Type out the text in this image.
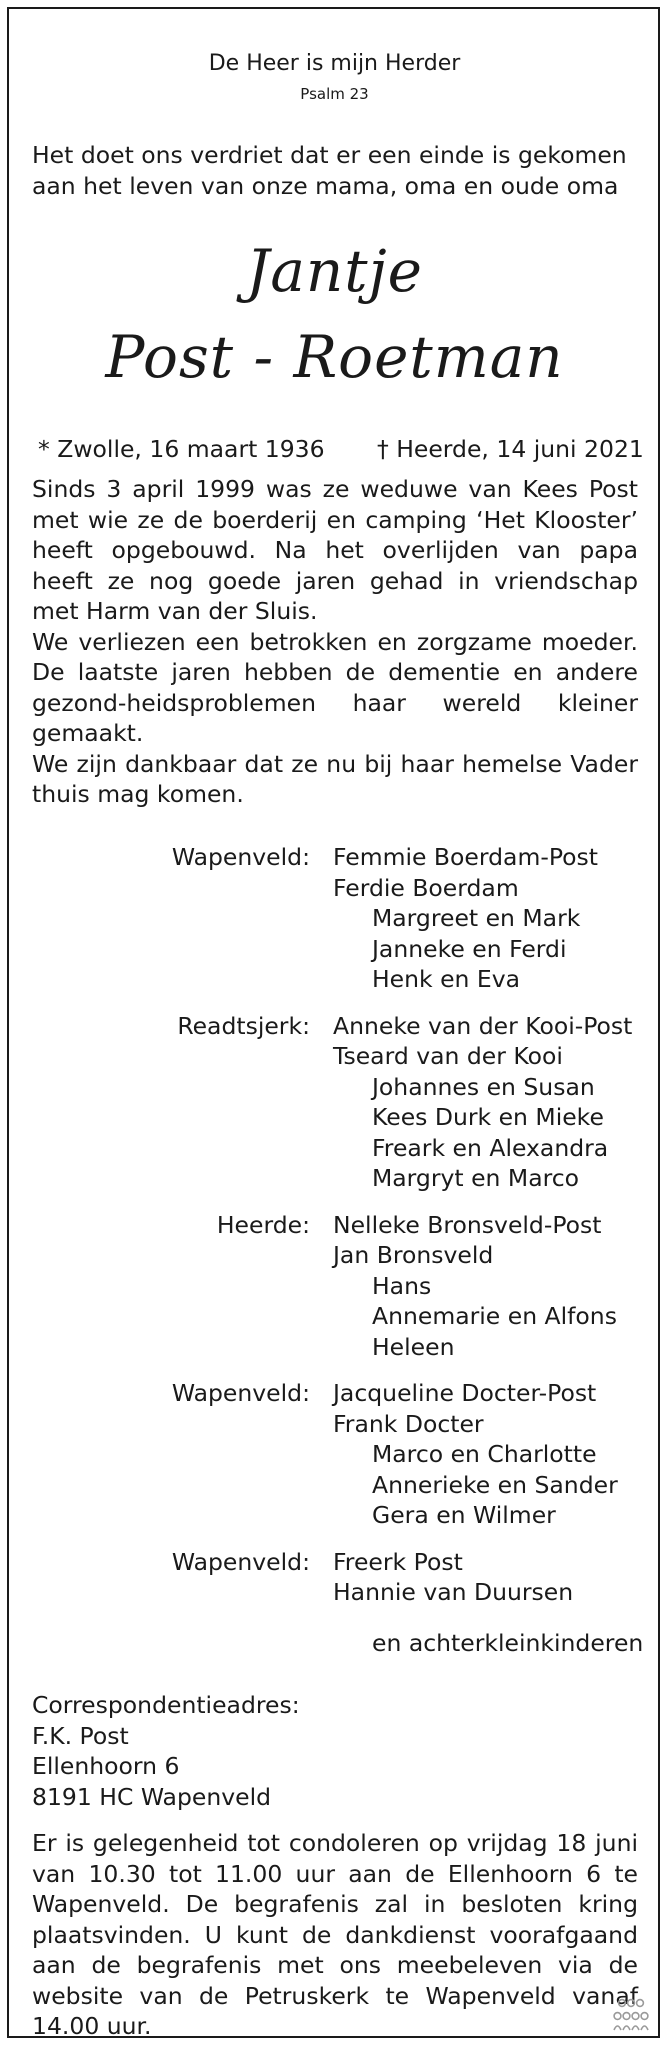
De Heer is mijn Herder
Psalm 23
Het doet ons verdriet dat er een einde is gekomen aan het leven van onze mama, oma en oude oma
Jantje
Post - Roetman
* Zwolle, 16 maart 1936 † Heerde, 14 juni 2021

Sinds 3 april 1999 was ze weduwe van Kees Post met wie ze de boerderij en camping ‘Het Klooster’ heeft opgebouwd. Na het overlijden van papa heeft ze nog goede jaren gehad in vriendschap met Harm van der Sluis.

We verliezen een betrokken en zorgzame moeder. De laatste jaren hebben de dementie en andere gezond-heidsproblemen haar wereld kleiner gemaakt.

We zijn dankbaar dat ze nu bij haar hemelse Vader thuis mag komen.

Wapenveld: Femmie Boerdam-Post
Ferdie Boerdam
Margreet en Mark
Janneke en Ferdi
Henk en Eva
Readtsjerk: Anneke van der Kooi-Post
Tseard van der Kooi
Johannes en Susan
Kees Durk en Mieke
Freark en Alexandra
Margryt en Marco
Heerde: Nelleke Bronsveld-Post
Jan Bronsveld
Hans
Annemarie en Alfons
Heleen
Wapenveld: Jacqueline Docter-Post
Frank Docter
Marco en Charlotte
Annerieke en Sander
Gera en Wilmer
Wapenveld: Freerk Post
Hannie van Duursen
en achterkleinkinderen
Correspondentieadres:
F.K. Post
Ellenhoorn 6
8191 HC Wapenveld
Er is gelegenheid tot condoleren op vrijdag 18 juni van 10.30 tot 11.00 uur aan de Ellenhoorn 6 te Wapenveld. De begrafenis zal in besloten kring plaatsvinden. U kunt de dankdienst voorafgaand aan de begrafenis met ons meebeleven via de website van de Petruskerk te Wapenveld vanaf 14.00 uur.
